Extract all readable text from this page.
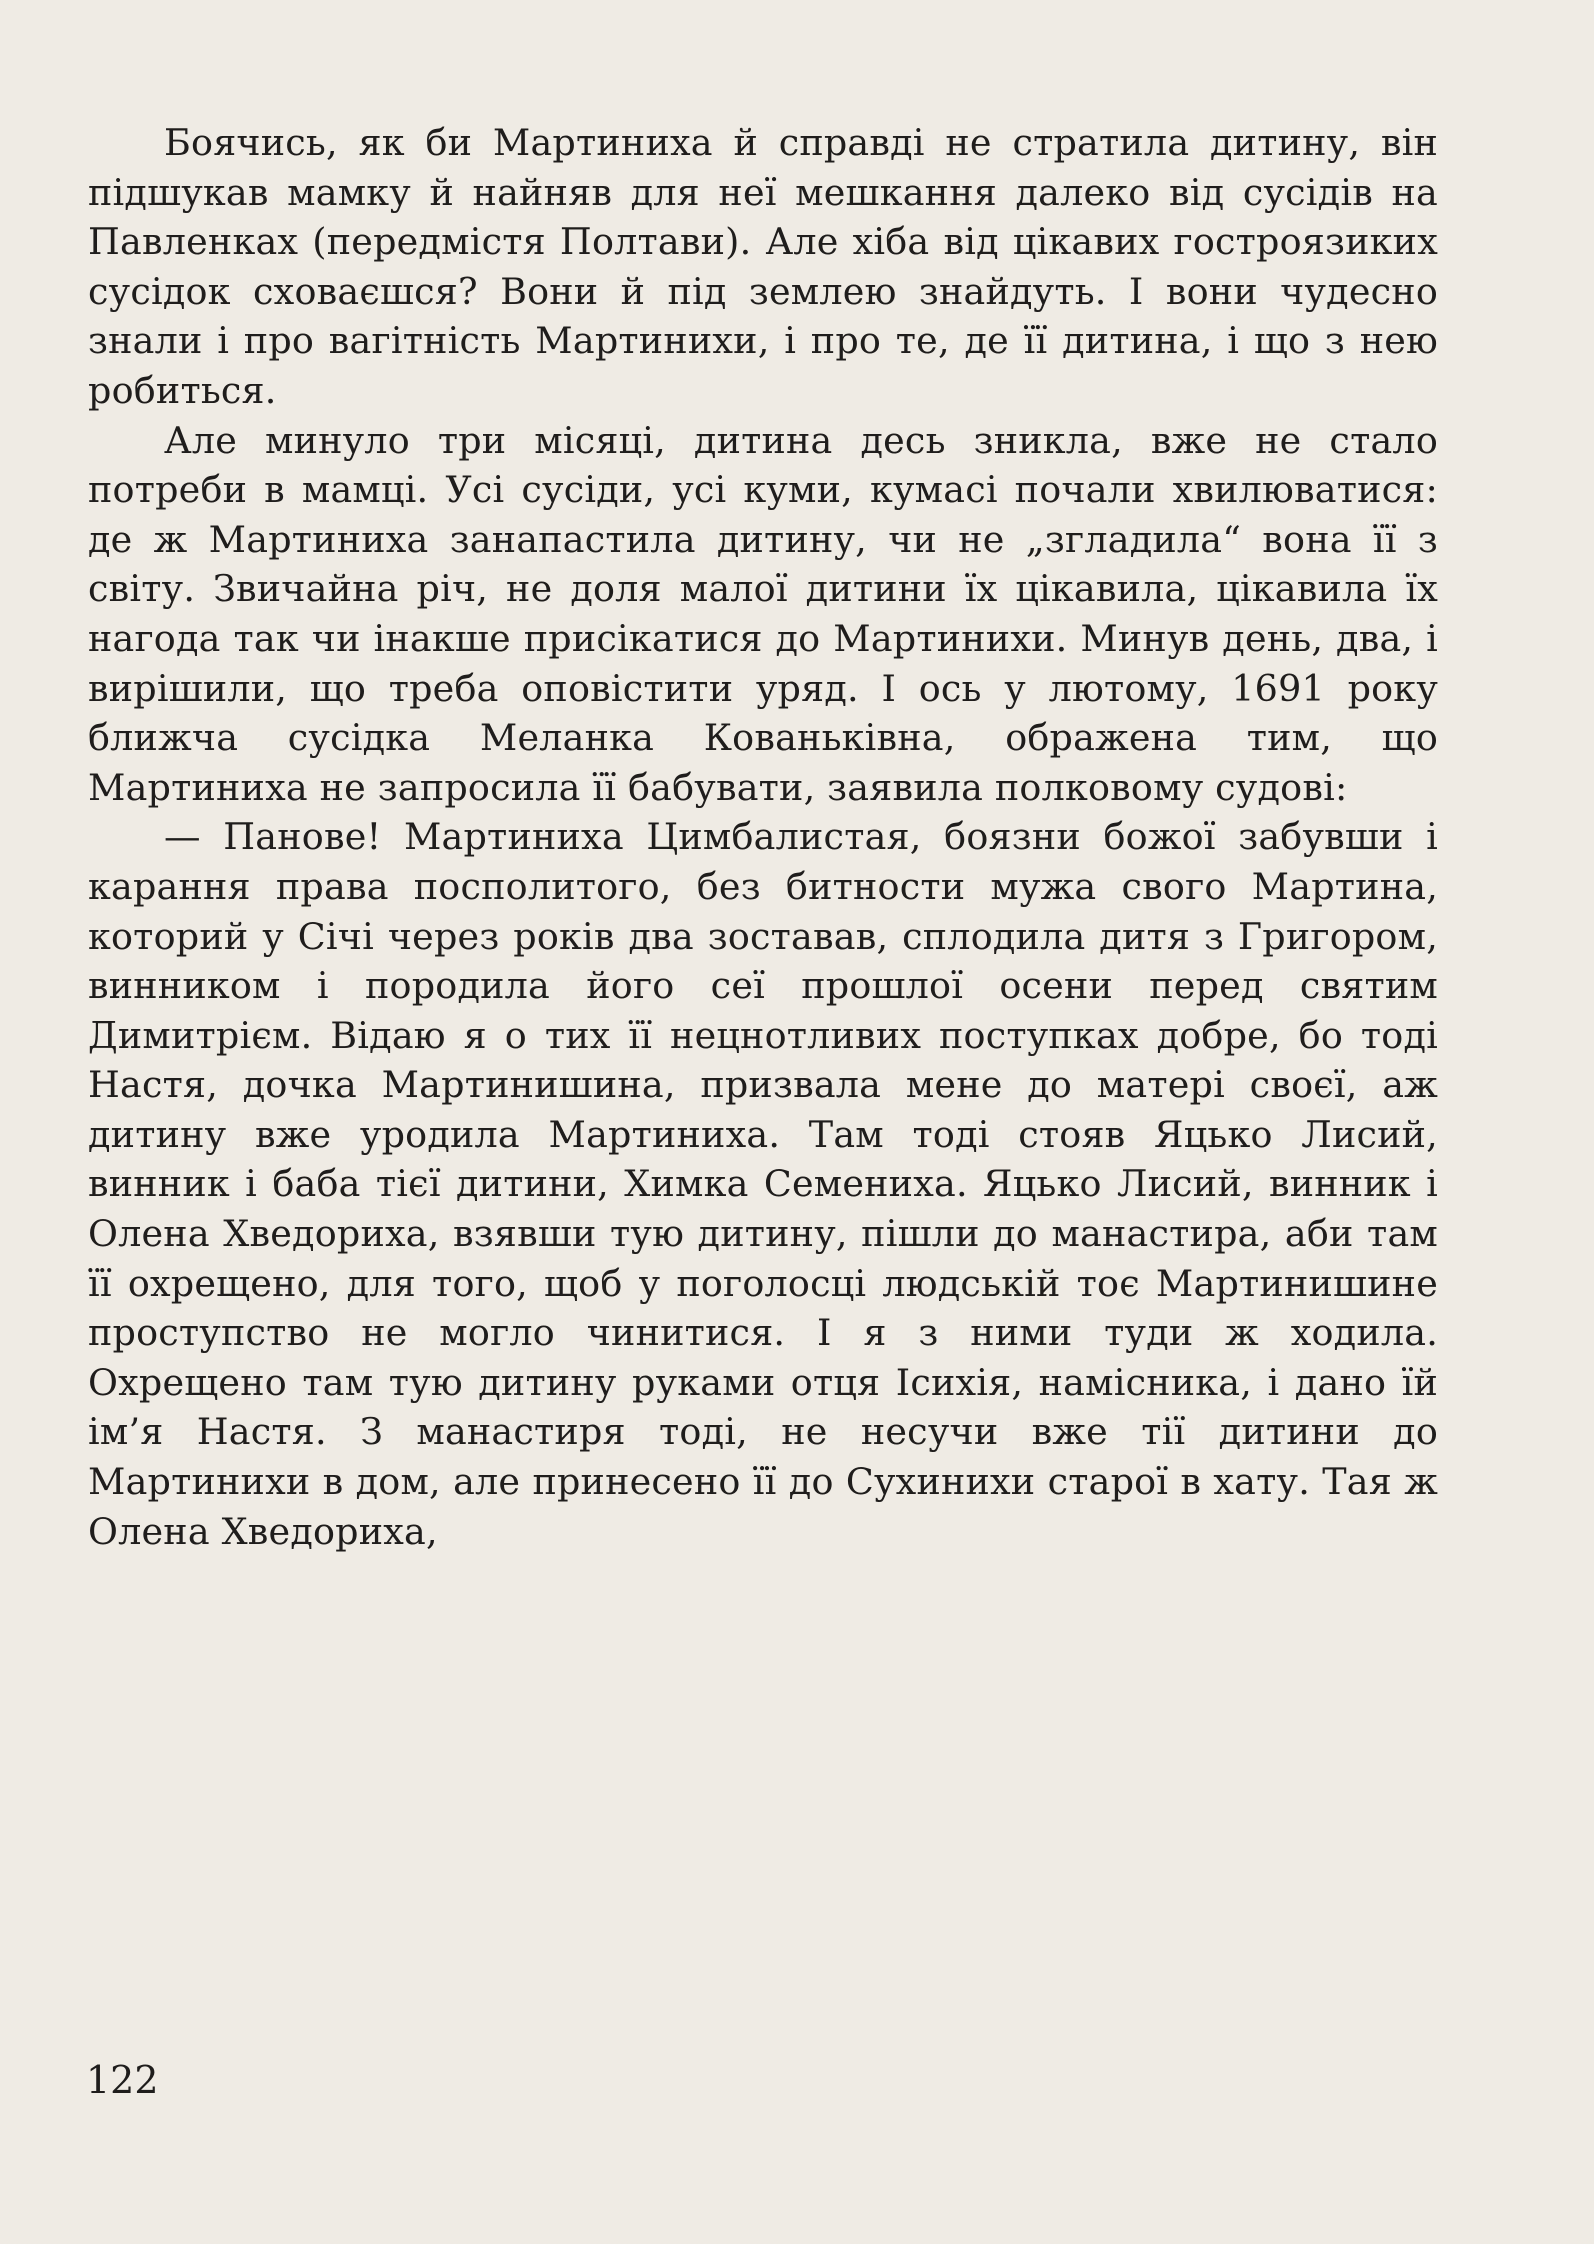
Боячись, як би Мартиниха й справді не стратила дитину, він підшукав мамку й найняв для неї мешкання далеко від сусідів на Павленках (передмістя Полтави). Але хіба від цікавих гостроязиких сусідок сховаєшся? Вони й під землею знайдуть. І вони чудесно знали і про вагітність Мартинихи, і про те, де її дитина, і що з нею робиться.

Але минуло три місяці, дитина десь зникла, вже не стало потреби в мамці. Усі сусіди, усі куми, кумасі почали хвилюватися: де ж Мартиниха занапастила дитину, чи не „згладила“ вона її з світу. Звичайна річ, не доля малої дитини їх цікавила, цікавила їх нагода так чи інакше присікатися до Мартинихи. Минув день, два, і вирішили, що треба оповістити уряд. І ось у лютому, 1691 року ближча сусідка Меланка Кованьківна, ображена тим, що Мартиниха не запросила її бабувати, заявила полковому судові:

— Панове! Мартиниха Цимбалистая, боязни божої забувши і карання права посполитого, без битности мужа свого Мартина, которий у Січі через років два зоставав, сплодила дитя з Григором, винником і породила його сеї прошлої осени перед святим Димитрієм. Відаю я о тих її нецнотливих поступках добре, бо тоді Настя, дочка Мартинишина, призвала мене до матері своєї, аж дитину вже уродила Мартиниха. Там тоді стояв Яцько Лисий, винник і баба тієї дитини, Химка Семениха. Яцько Лисий, винник і Олена Хведориха, взявши тую дитину, пішли до манастира, аби там її охрещено, для того, щоб у поголосці людській тоє Мартинишине проступство не могло чинитися. І я з ними туди ж ходила. Охрещено там тую дитину руками отця Ісихія, намісника, і дано їй ім’я Настя. З манастиря тоді, не несучи вже тії дитини до Мартинихи в дом, але принесено її до Сухинихи старої в хату. Тая ж Олена Хведориха,

122
